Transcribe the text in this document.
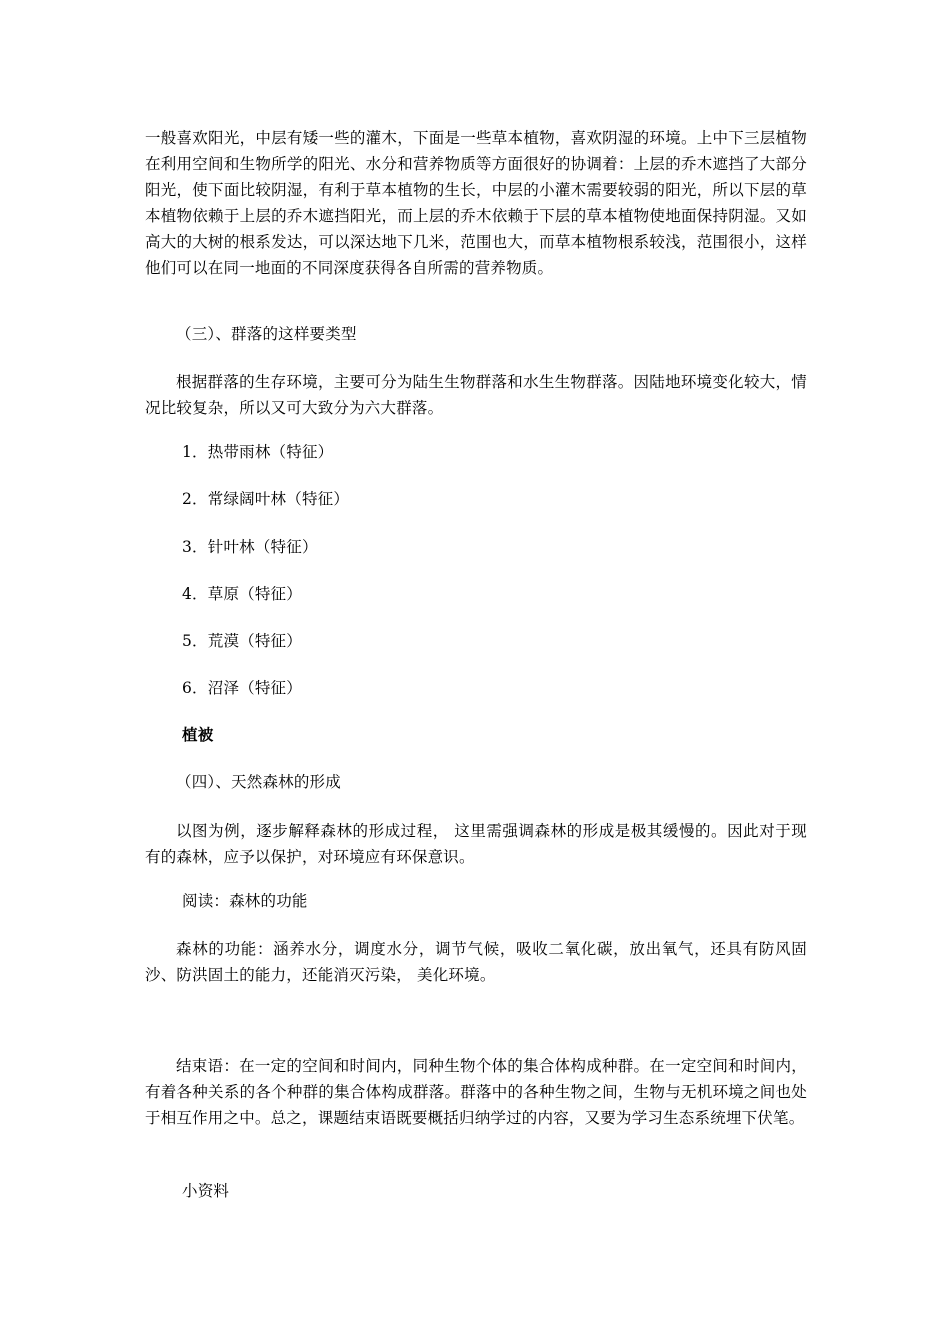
一般喜欢阳光，中层有矮一些的灌木，下面是一些草本植物，喜欢阴湿的环境。上中下三层植物在利用空间和生物所学的阳光、水分和营养物质等方面很好的协调着：上层的乔木遮挡了大部分阳光，使下面比较阴湿，有利于草本植物的生长，中层的小灌木需要较弱的阳光，所以下层的草本植物依赖于上层的乔木遮挡阳光，而上层的乔木依赖于下层的草本植物使地面保持阴湿。又如高大的大树的根系发达，可以深达地下几米，范围也大，而草本植物根系较浅，范围很小，这样他们可以在同一地面的不同深度获得各自所需的营养物质。

（三）、群落的这样要类型

根据群落的生存环境，主要可分为陆生生物群落和水生生物群落。因陆地环境变化较大，情况比较复杂，所以又可大致分为六大群落。

1．热带雨林（特征）

2．常绿阔叶林（特征）

3．针叶林（特征）

4．草原（特征）

5．荒漠（特征）

6．沼泽（特征）

植被

（四）、天然森林的形成

以图为例，逐步解释森林的形成过程， 这里需强调森林的形成是极其缓慢的。因此对于现有的森林，应予以保护，对环境应有环保意识。

阅读：森林的功能

森林的功能：涵养水分，调度水分，调节气候，吸收二氧化碳，放出氧气，还具有防风固沙、防洪固土的能力，还能消灭污染， 美化环境。

结束语：在一定的空间和时间内，同种生物个体的集合体构成种群。在一定空间和时间内，有着各种关系的各个种群的集合体构成群落。群落中的各种生物之间，生物与无机环境之间也处于相互作用之中。总之，课题结束语既要概括归纳学过的内容，又要为学习生态系统埋下伏笔。

小资料
